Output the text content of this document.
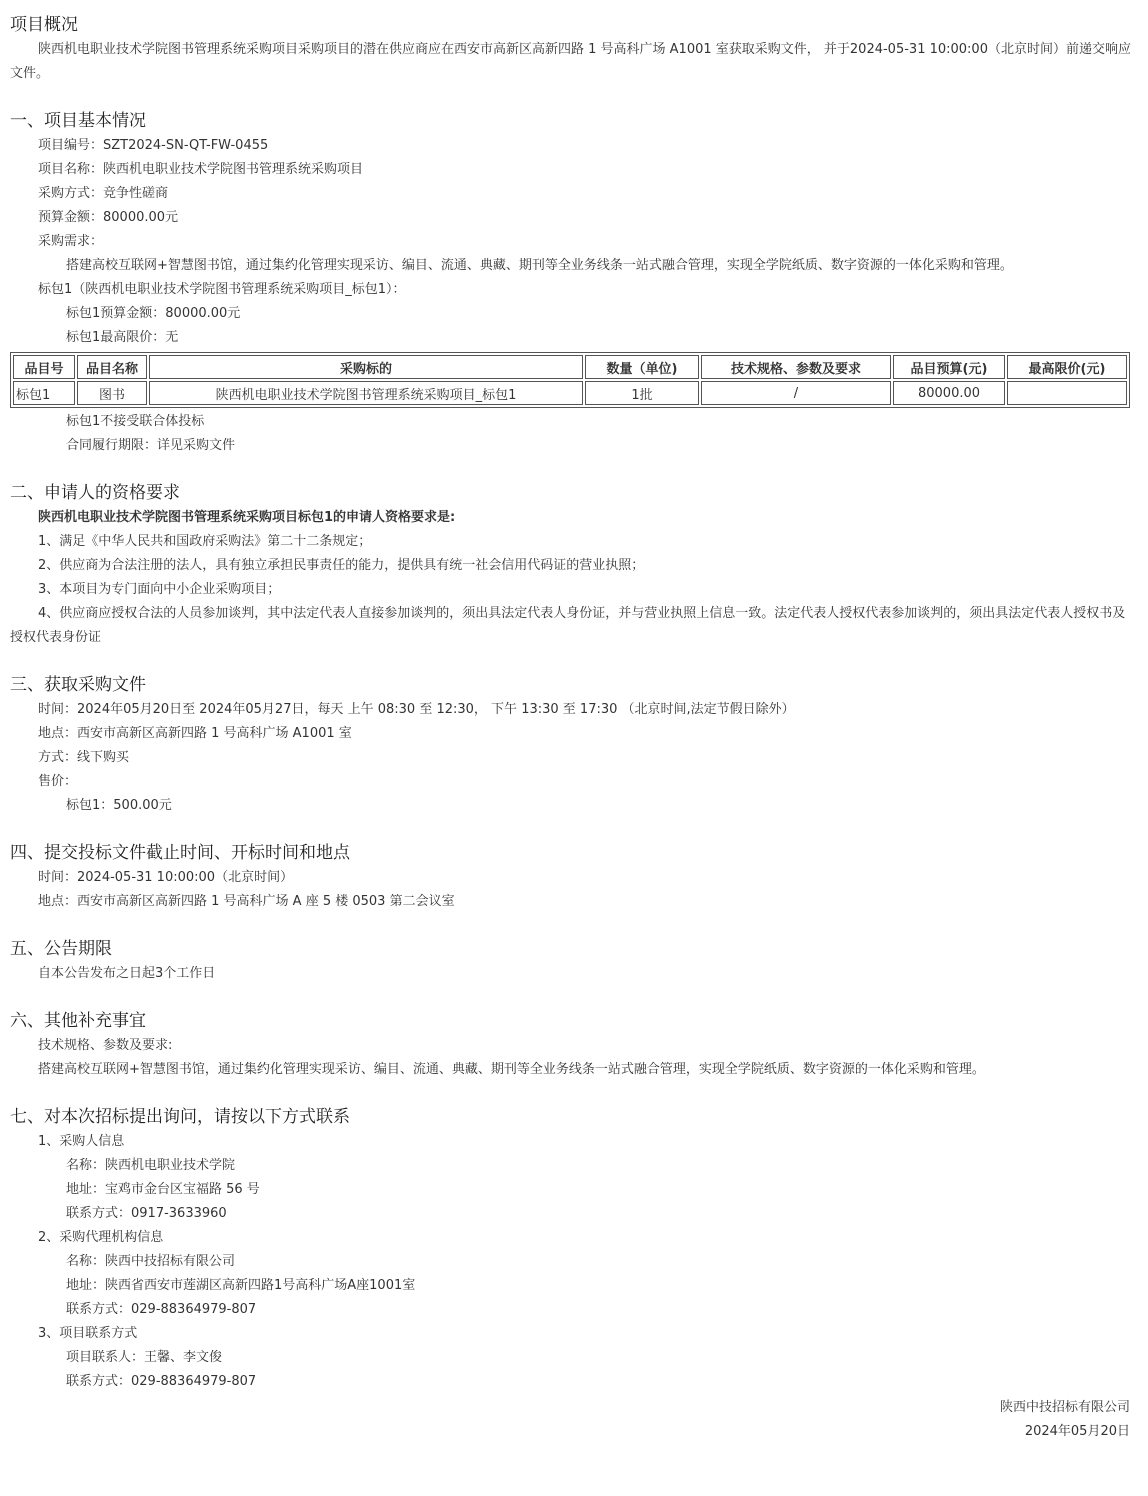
项目概况

陕西机电职业技术学院图书管理系统采购项目采购项目的潜在供应商应在西安市高新区高新四路 1 号高科广场 A1001 室获取采购文件， 并于2024-05-31 10:00:00（北京时间）前递交响应文件。

一、项目基本情况
项目编号：SZT2024-SN-QT-FW-0455
项目名称：陕西机电职业技术学院图书管理系统采购项目
采购方式：竞争性磋商
预算金额：80000.00元
采购需求：
搭建高校互联网+智慧图书馆，通过集约化管理实现采访、编目、流通、典藏、期刊等全业务线条一站式融合管理，实现全学院纸质、数字资源的一体化采购和管理。
标包1（陕西机电职业技术学院图书管理系统采购项目_标包1）：
标包1预算金额：80000.00元
标包1最高限价：无
品目号	品目名称	采购标的	数量（单位)	技术规格、参数及要求	品目预算(元)	最高限价(元)
标包1	图书	陕西机电职业技术学院图书管理系统采购项目_标包1	1批	/	80000.00	
标包1不接受联合体投标
合同履行期限：详见采购文件
二、申请人的资格要求
陕西机电职业技术学院图书管理系统采购项目标包1的申请人资格要求是:
1、满足《中华人民共和国政府采购法》第二十二条规定；
2、供应商为合法注册的法人，具有独立承担民事责任的能力，提供具有统一社会信用代码证的营业执照；
3、本项目为专门面向中小企业采购项目；
4、供应商应授权合法的人员参加谈判，其中法定代表人直接参加谈判的，须出具法定代表人身份证，并与营业执照上信息一致。法定代表人授权代表参加谈判的，须出具法定代表人授权书及授权代表身份证
三、获取采购文件
时间：2024年05月20日至 2024年05月27日，每天 上午 08:30 至 12:30， 下午 13:30 至 17:30 （北京时间,法定节假日除外）
地点：西安市高新区高新四路 1 号高科广场 A1001 室
方式：线下购买
售价：
标包1：500.00元
四、提交投标文件截止时间、开标时间和地点
时间：2024-05-31 10:00:00（北京时间）
地点：西安市高新区高新四路 1 号高科广场 A 座 5 楼 0503 第二会议室
五、公告期限
自本公告发布之日起3个工作日
六、其他补充事宜
技术规格、参数及要求:
搭建高校互联网+智慧图书馆，通过集约化管理实现采访、编目、流通、典藏、期刊等全业务线条一站式融合管理，实现全学院纸质、数字资源的一体化采购和管理。
七、对本次招标提出询问，请按以下方式联系
1、采购人信息
名称：陕西机电职业技术学院
地址：宝鸡市金台区宝福路 56 号
联系方式：0917-3633960
2、采购代理机构信息
名称：陕西中技招标有限公司
地址：陕西省西安市莲湖区高新四路1号高科广场A座1001室
联系方式：029-88364979-807
3、项目联系方式
项目联系人：王馨、李文俊
联系方式：029-88364979-807
陕西中技招标有限公司
2024年05月20日
